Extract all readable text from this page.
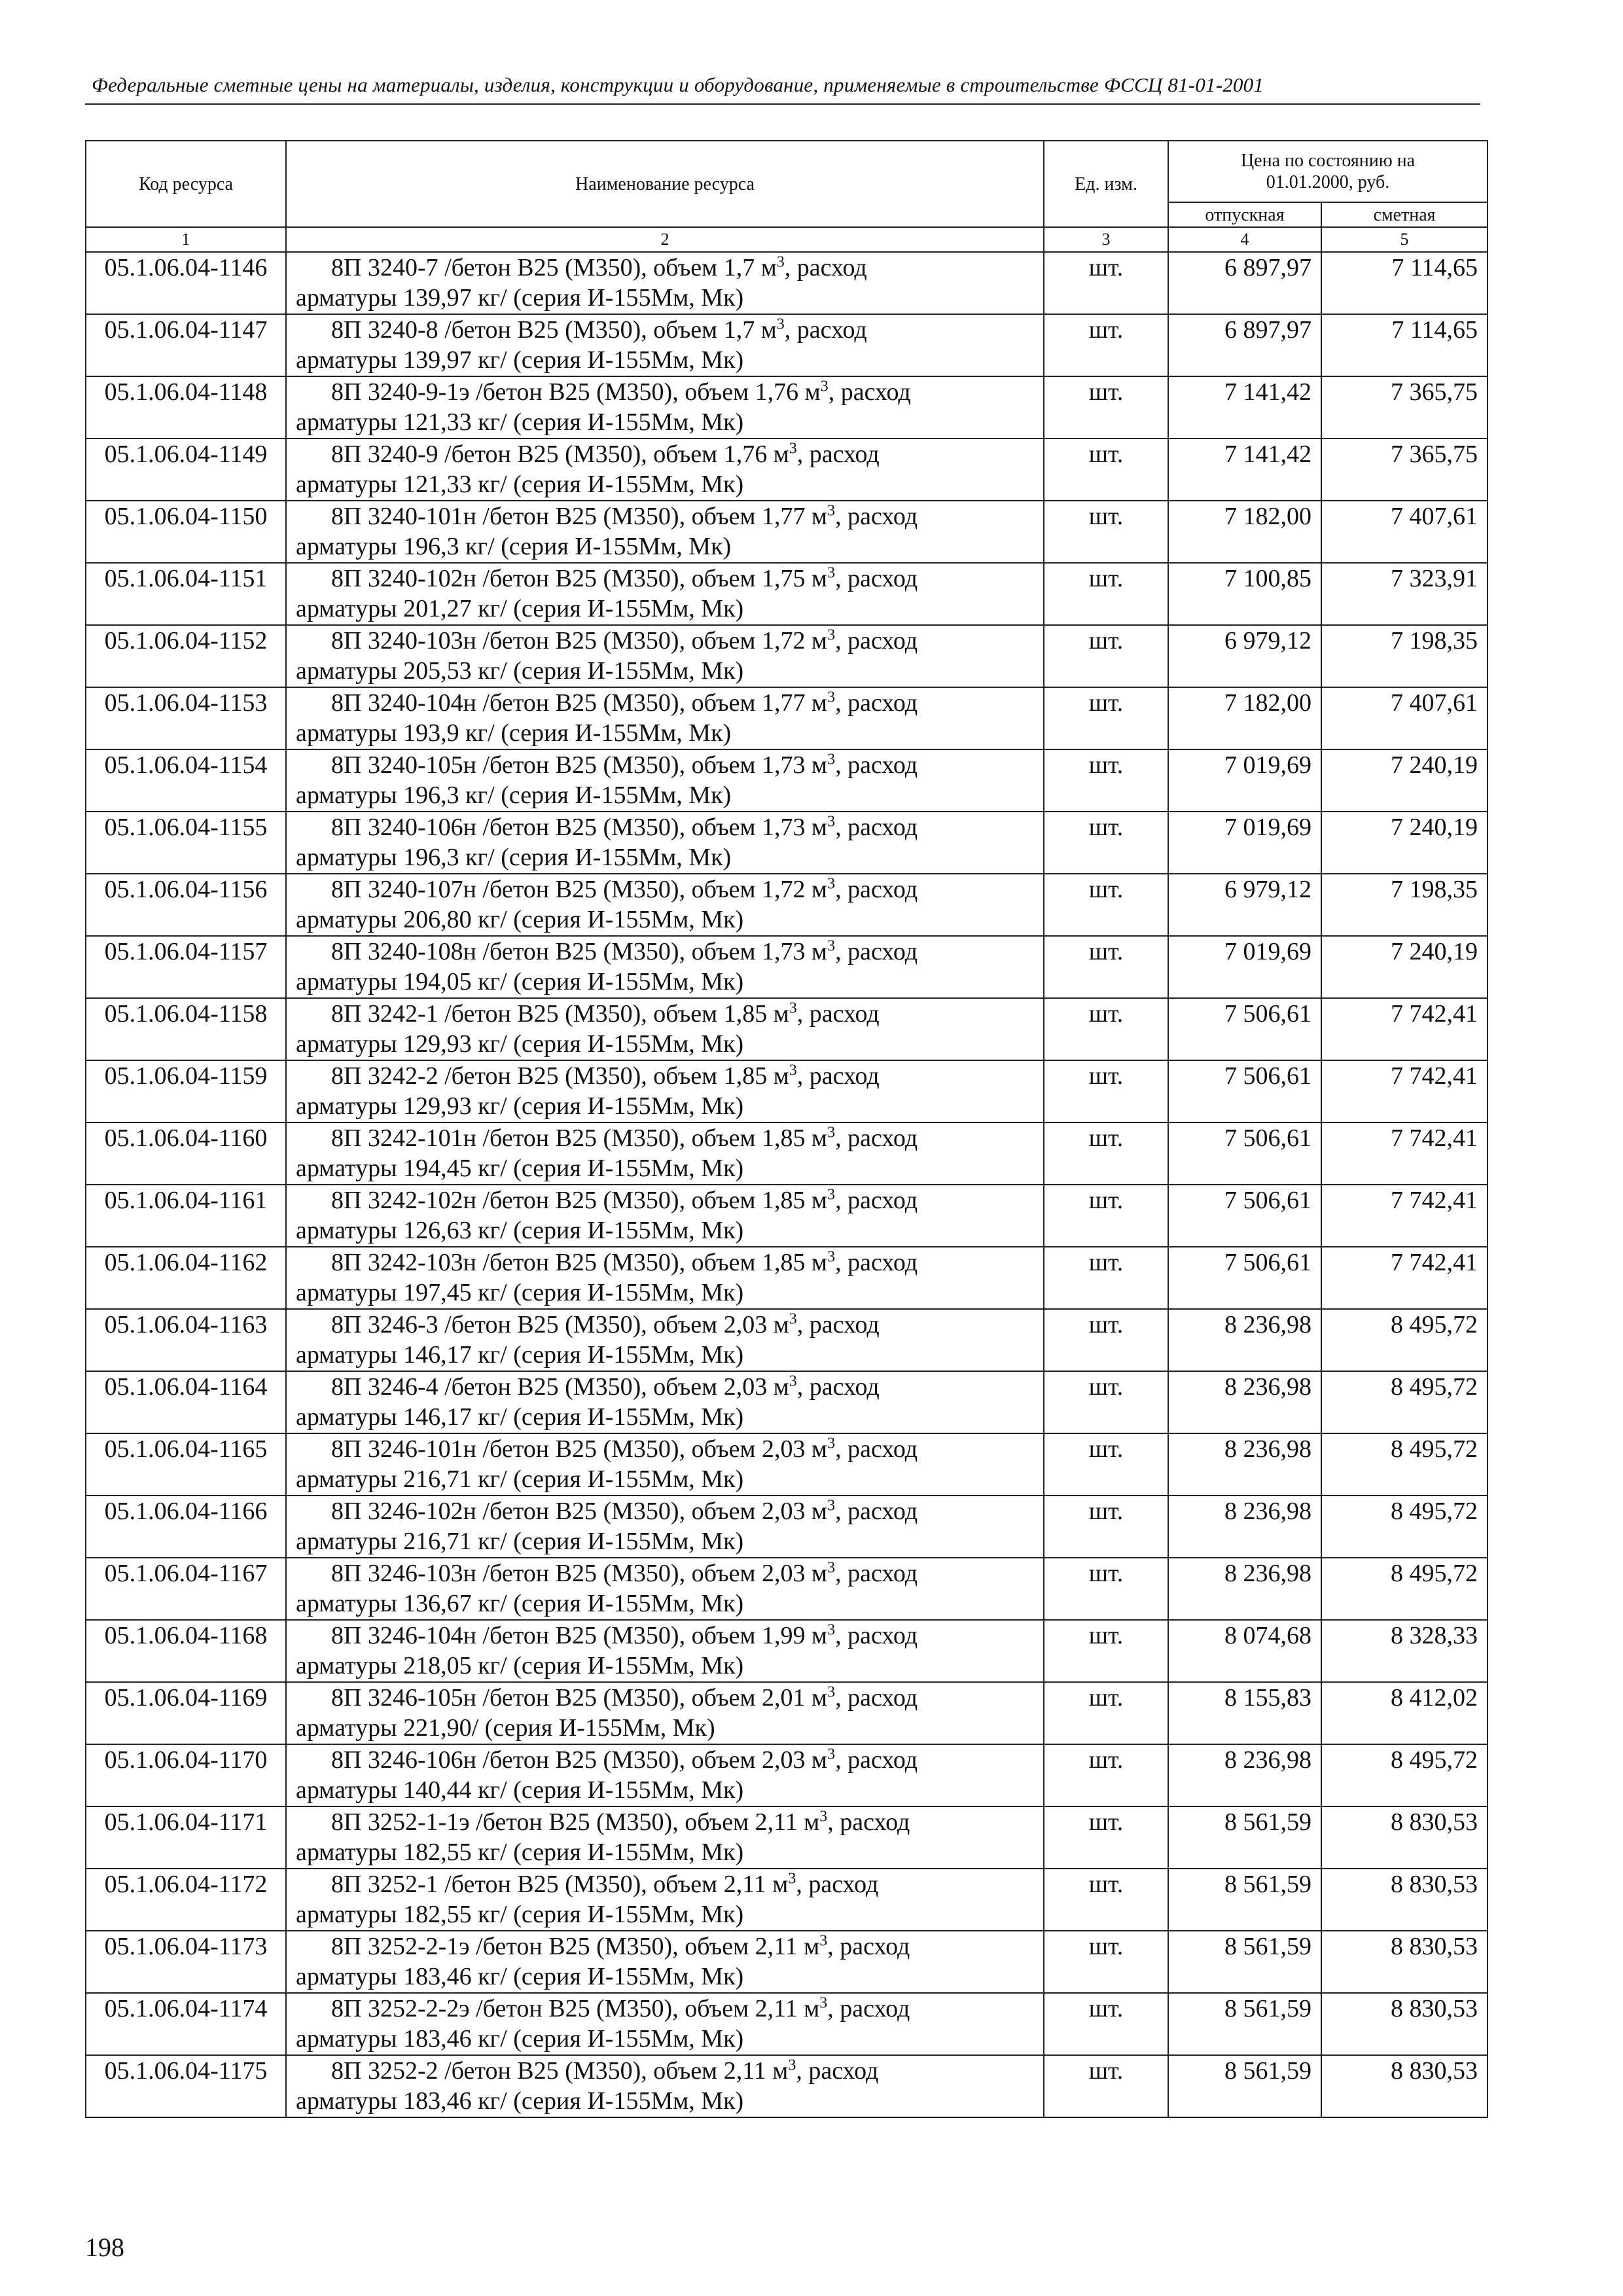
Федеральные сметные цены на материалы, изделия, конструкции и оборудование, применяемые в строительстве ФССЦ 81-01-2001
Код ресурса	Наименование ресурса	Ед. изм.	Цена по состоянию на 01.01.2000, руб.	
			отпускная	сметная
1	2	3	4	5
05.1.06.04-1146	8П 3240-7 /бетон В25 (М350), объем 1,7 $м^3$, расход
арматуры 139,97 кг/ (серия И-155Мм, Мк)	шт.	6 897,97	7 114,65
05.1.06.04-1147	8П 3240-8 /бетон В25 (М350), объем 1,7 $м^3$, расход
арматуры 139,97 кг/ (серия И-155Мм, Мк)	шт.	6 897,97	7 114,65
05.1.06.04-1148	8П 3240-9-1э /бетон В25 (М350), объем 1,76 $м^3$, расход
арматуры 121,33 кг/ (серия И-155Мм, Мк)	шт.	7 141,42	7 365,75
05.1.06.04-1149	8П 3240-9 /бетон В25 (М350), объем 1,76 $м^3$, расход
арматуры 121,33 кг/ (серия И-155Мм, Мк)	шт.	7 141,42	7 365,75
05.1.06.04-1150	8П 3240-101н /бетон В25 (М350), объем 1,77 $м^3$, расход
арматуры 196,3 кг/ (серия И-155Мм, Мк)	шт.	7 182,00	7 407,61
05.1.06.04-1151	8П 3240-102н /бетон В25 (М350), объем 1,75 $м^3$, расход
арматуры 201,27 кг/ (серия И-155Мм, Мк)	шт.	7 100,85	7 323,91
05.1.06.04-1152	8П 3240-103н /бетон В25 (М350), объем 1,72 $м^3$, расход
арматуры 205,53 кг/ (серия И-155Мм, Мк)	шт.	6 979,12	7 198,35
05.1.06.04-1153	8П 3240-104н /бетон В25 (М350), объем 1,77 $м^3$, расход
арматуры 193,9 кг/ (серия И-155Мм, Мк)	шт.	7 182,00	7 407,61
05.1.06.04-1154	8П 3240-105н /бетон В25 (М350), объем 1,73 $м^3$, расход
арматуры 196,3 кг/ (серия И-155Мм, Мк)	шт.	7 019,69	7 240,19
05.1.06.04-1155	8П 3240-106н /бетон В25 (М350), объем 1,73 $м^3$, расход
арматуры 196,3 кг/ (серия И-155Мм, Мк)	шт.	7 019,69	7 240,19
05.1.06.04-1156	8П 3240-107н /бетон В25 (М350), объем 1,72 $м^3$, расход
арматуры 206,80 кг/ (серия И-155Мм, Мк)	шт.	6 979,12	7 198,35
05.1.06.04-1157	8П 3240-108н /бетон В25 (М350), объем 1,73 $м^3$, расход
арматуры 194,05 кг/ (серия И-155Мм, Мк)	шт.	7 019,69	7 240,19
05.1.06.04-1158	8П 3242-1 /бетон В25 (М350), объем 1,85 $м^3$, расход
арматуры 129,93 кг/ (серия И-155Мм, Мк)	шт.	7 506,61	7 742,41
05.1.06.04-1159	8П 3242-2 /бетон В25 (М350), объем 1,85 $м^3$, расход
арматуры 129,93 кг/ (серия И-155Мм, Мк)	шт.	7 506,61	7 742,41
05.1.06.04-1160	8П 3242-101н /бетон В25 (М350), объем 1,85 $м^3$, расход
арматуры 194,45 кг/ (серия И-155Мм, Мк)	шт.	7 506,61	7 742,41
05.1.06.04-1161	8П 3242-102н /бетон В25 (М350), объем 1,85 $м^3$, расход
арматуры 126,63 кг/ (серия И-155Мм, Мк)	шт.	7 506,61	7 742,41
05.1.06.04-1162	8П 3242-103н /бетон В25 (М350), объем 1,85 $м^3$, расход
арматуры 197,45 кг/ (серия И-155Мм, Мк)	шт.	7 506,61	7 742,41
05.1.06.04-1163	8П 3246-3 /бетон В25 (М350), объем 2,03 $м^3$, расход
арматуры 146,17 кг/ (серия И-155Мм, Мк)	шт.	8 236,98	8 495,72
05.1.06.04-1164	8П 3246-4 /бетон В25 (М350), объем 2,03 $м^3$, расход
арматуры 146,17 кг/ (серия И-155Мм, Мк)	шт.	8 236,98	8 495,72
05.1.06.04-1165	8П 3246-101н /бетон В25 (М350), объем 2,03 $м^3$, расход
арматуры 216,71 кг/ (серия И-155Мм, Мк)	шт.	8 236,98	8 495,72
05.1.06.04-1166	8П 3246-102н /бетон В25 (М350), объем 2,03 $м^3$, расход
арматуры 216,71 кг/ (серия И-155Мм, Мк)	шт.	8 236,98	8 495,72
05.1.06.04-1167	8П 3246-103н /бетон В25 (М350), объем 2,03 $м^3$, расход
арматуры 136,67 кг/ (серия И-155Мм, Мк)	шт.	8 236,98	8 495,72
05.1.06.04-1168	8П 3246-104н /бетон В25 (М350), объем 1,99 $м^3$, расход
арматуры 218,05 кг/ (серия И-155Мм, Мк)	шт.	8 074,68	8 328,33
05.1.06.04-1169	8П 3246-105н /бетон В25 (М350), объем 2,01 $м^3$, расход
арматуры 221,90/ (серия И-155Мм, Мк)	шт.	8 155,83	8 412,02
05.1.06.04-1170	8П 3246-106н /бетон В25 (М350), объем 2,03 $м^3$, расход
арматуры 140,44 кг/ (серия И-155Мм, Мк)	шт.	8 236,98	8 495,72
05.1.06.04-1171	8П 3252-1-1э /бетон В25 (М350), объем 2,11 $м^3$, расход
арматуры 182,55 кг/ (серия И-155Мм, Мк)	шт.	8 561,59	8 830,53
05.1.06.04-1172	8П 3252-1 /бетон В25 (М350), объем 2,11 $м^3$, расход
арматуры 182,55 кг/ (серия И-155Мм, Мк)	шт.	8 561,59	8 830,53
05.1.06.04-1173	8П 3252-2-1э /бетон В25 (М350), объем 2,11 $м^3$, расход
арматуры 183,46 кг/ (серия И-155Мм, Мк)	шт.	8 561,59	8 830,53
05.1.06.04-1174	8П 3252-2-2э /бетон В25 (М350), объем 2,11 $м^3$, расход
арматуры 183,46 кг/ (серия И-155Мм, Мк)	шт.	8 561,59	8 830,53
05.1.06.04-1175	8П 3252-2 /бетон В25 (М350), объем 2,11 $м^3$, расход
арматуры 183,46 кг/ (серия И-155Мм, Мк)	шт.	8 561,59	8 830,53
198
